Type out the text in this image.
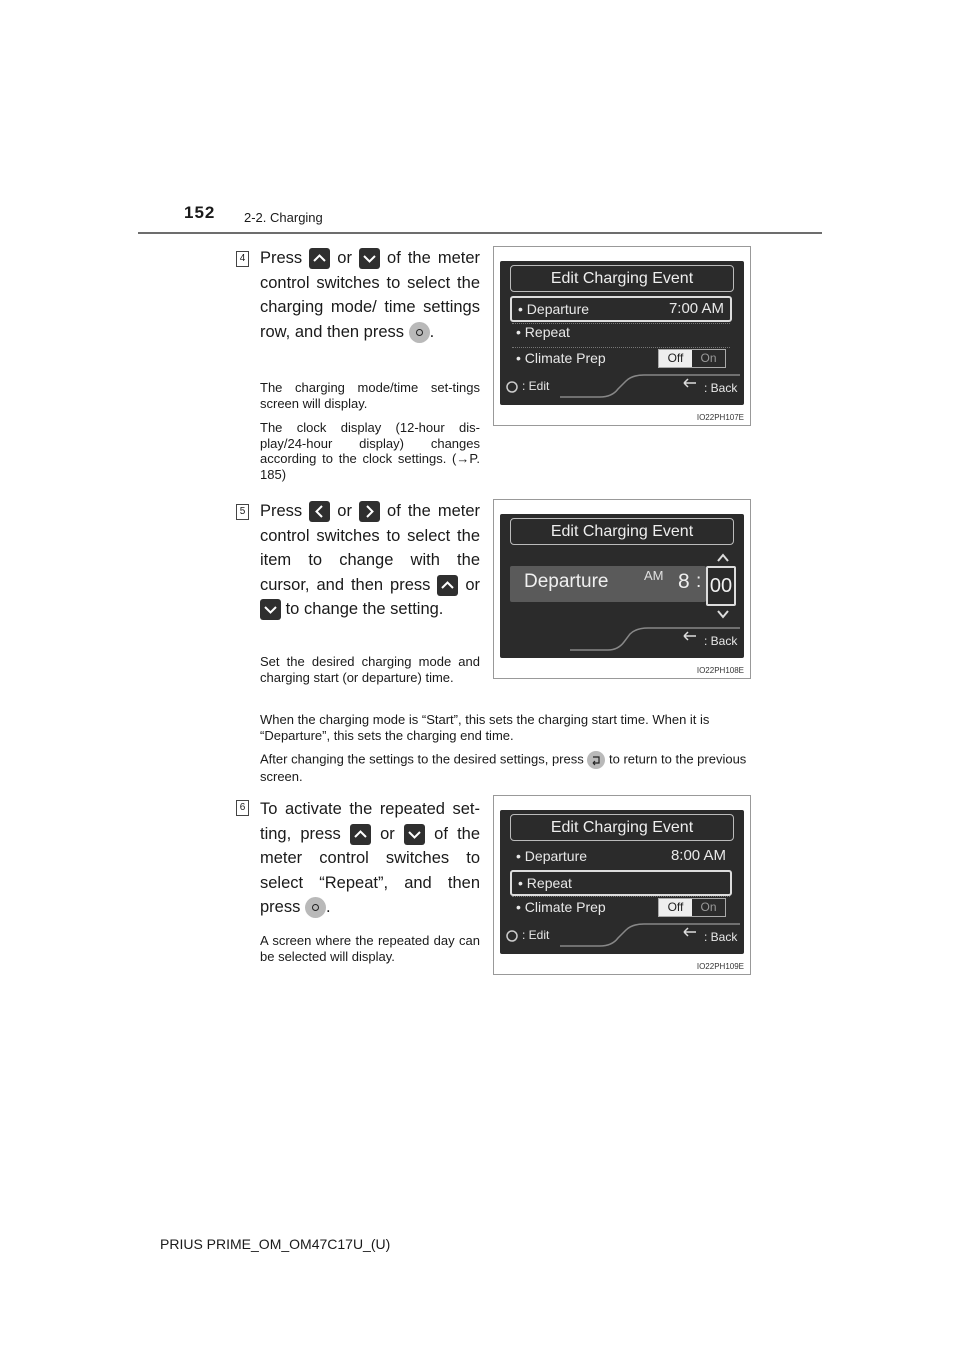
152 2-2. Charging
4 Press or of the meter control switches to select the charging mode/ time settings row, and then press .
The charging mode/time set-tings screen will display.
The clock display (12-hour dis-play/24-hour display) changes according to the clock settings. (→P. 185)
Edit Charging Event
• Departure	7:00 AM
• Repeat
• Climate Prep	Off	On
: Edit	: Back
IO22PH107E
5 Press or of the meter control switches to select the item to change with the cursor, and then press or
to change the setting.
Set the desired charging mode and charging start (or departure) time.
When the charging mode is “Start”, this sets the charging start time. When it is “Departure”, this sets the charging end time.
After changing the settings to the desired settings, press to return to the previous screen.
Edit Charging Event
Departure	AM 8 : 00
: Back
IO22PH108E
6 To activate the repeated set-ting, press or of the meter control switches to select “Repeat”, and then press .
A screen where the repeated day can be selected will display.
Edit Charging Event
• Departure	8:00 AM
• Repeat
• Climate Prep	Off	On
: Edit	: Back
IO22PH109E
PRIUS PRIME_OM_OM47C17U_(U)
